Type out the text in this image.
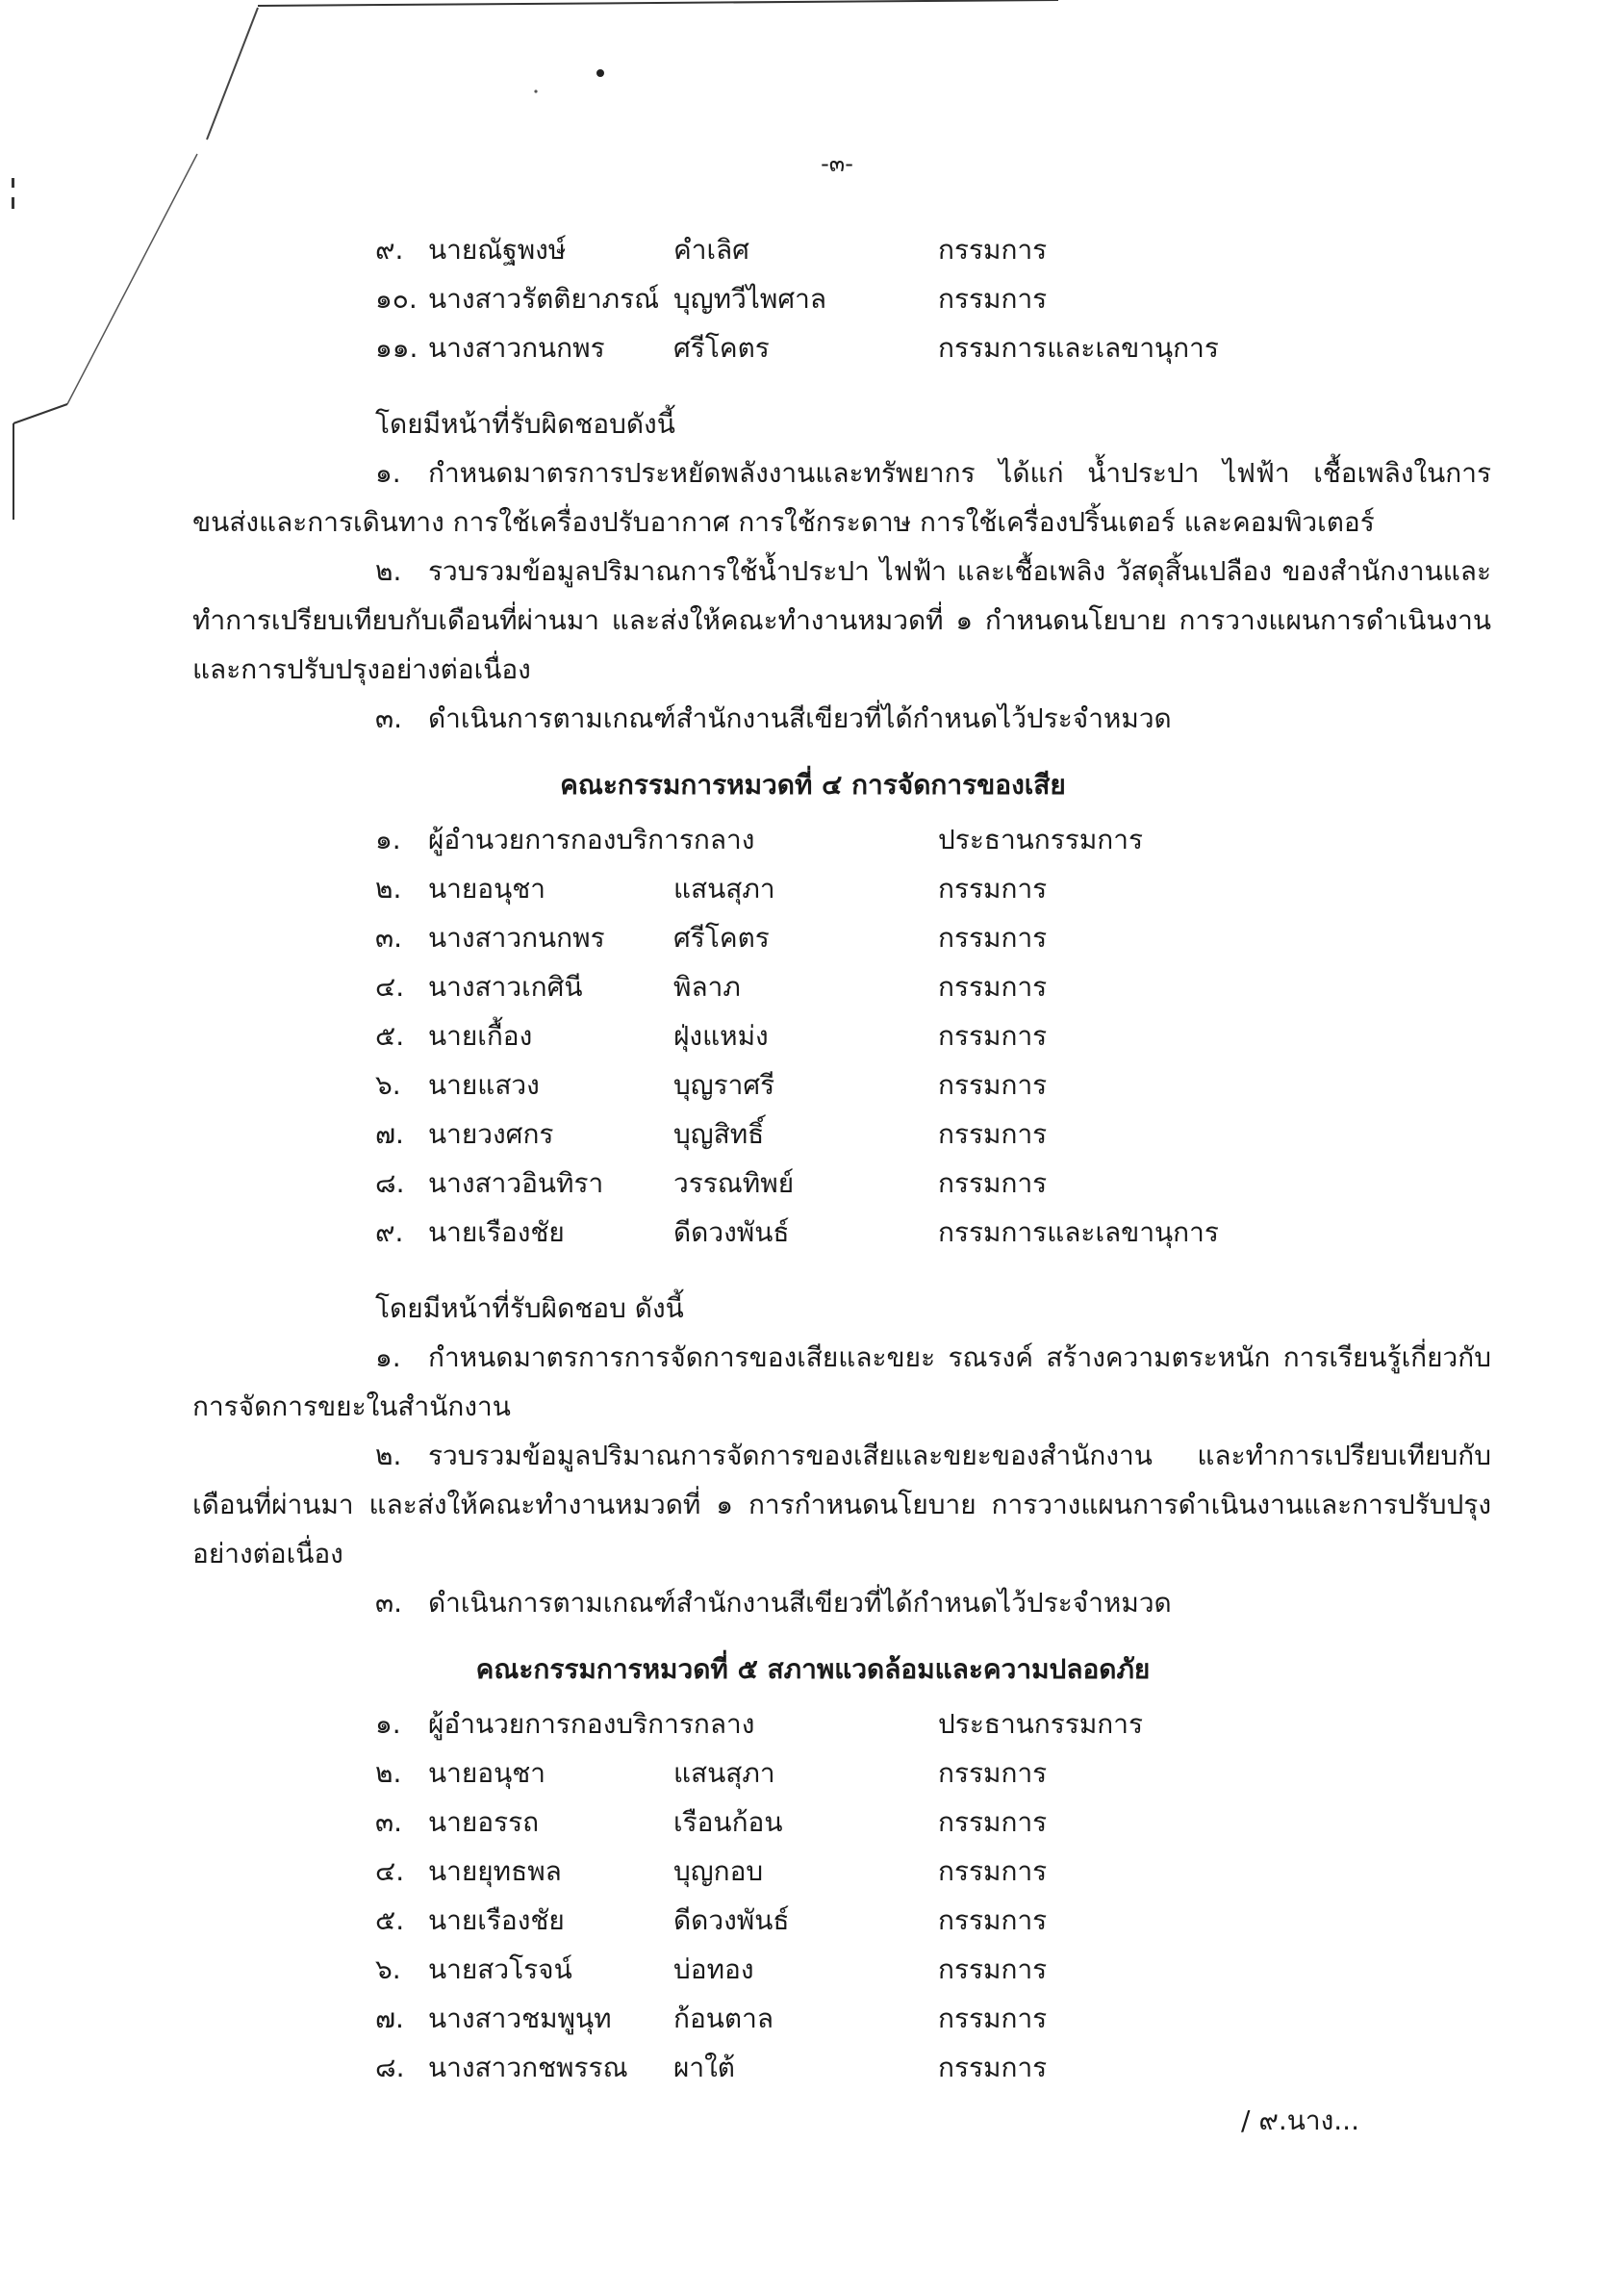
-๓-
๙. นายณัฐพงษ์	คำเลิศ	กรรมการ
๑๐. นางสาวรัตติยาภรณ์ บุญทวีไพศาล	กรรมการ
๑๑. นางสาวกนกพร	ศรีโคตร	กรรมการและเลขานุการ
โดยมีหน้าที่รับผิดชอบดังนี้
๑. กำหนดมาตรการประหยัดพลังงานและทรัพยากร ได้แก่ น้ำประปา ไฟฟ้า เชื้อเพลิงในการขนส่งและการเดินทาง การใช้เครื่องปรับอากาศ การใช้กระดาษ การใช้เครื่องปริ้นเตอร์ และคอมพิวเตอร์
๒. รวบรวมข้อมูลปริมาณการใช้น้ำประปา ไฟฟ้า และเชื้อเพลิง วัสดุสิ้นเปลือง ของสำนักงานและทำการเปรียบเทียบกับเดือนที่ผ่านมา และส่งให้คณะทำงานหมวดที่ ๑ กำหนดนโยบาย การวางแผนการดำเนินงาน และการปรับปรุงอย่างต่อเนื่อง
๓. ดำเนินการตามเกณฑ์สำนักงานสีเขียวที่ได้กำหนดไว้ประจำหมวด
คณะกรรมการหมวดที่ ๔ การจัดการของเสีย
๑. ผู้อำนวยการกองบริการกลาง	ประธานกรรมการ
๒. นายอนุชา	แสนสุภา	กรรมการ
๓. นางสาวกนกพร	ศรีโคตร	กรรมการ
๔. นางสาวเกศินี	พิลาภ	กรรมการ
๕. นายเกื้อง	ฝุ่งแหม่ง	กรรมการ
๖. นายแสวง	บุญราศรี	กรรมการ
๗. นายวงศกร	บุญสิทธิ์	กรรมการ
๘. นางสาวอินทิรา	วรรณทิพย์	กรรมการ
๙. นายเรืองชัย	ดีดวงพันธ์	กรรมการและเลขานุการ
โดยมีหน้าที่รับผิดชอบ ดังนี้
๑. กำหนดมาตรการการจัดการของเสียและขยะ รณรงค์ สร้างความตระหนัก การเรียนรู้เกี่ยวกับการจัดการขยะในสำนักงาน
๒. รวบรวมข้อมูลปริมาณการจัดการของเสียและขยะของสำนักงาน และทำการเปรียบเทียบกับเดือนที่ผ่านมา และส่งให้คณะทำงานหมวดที่ ๑ การกำหนดนโยบาย การวางแผนการดำเนินงานและการปรับปรุงอย่างต่อเนื่อง
๓. ดำเนินการตามเกณฑ์สำนักงานสีเขียวที่ได้กำหนดไว้ประจำหมวด
คณะกรรมการหมวดที่ ๕ สภาพแวดล้อมและความปลอดภัย
๑. ผู้อำนวยการกองบริการกลาง	ประธานกรรมการ
๒. นายอนุชา	แสนสุภา	กรรมการ
๓. นายอรรถ	เรือนก้อน	กรรมการ
๔. นายยุทธพล	บุญกอบ	กรรมการ
๕. นายเรืองชัย	ดีดวงพันธ์	กรรมการ
๖. นายสวโรจน์	บ่อทอง	กรรมการ
๗. นางสาวชมพูนุท ก้อนตาล	กรรมการ
๘. นางสาวกชพรรณ ผาใต้	กรรมการ
/ ๙.นาง...
